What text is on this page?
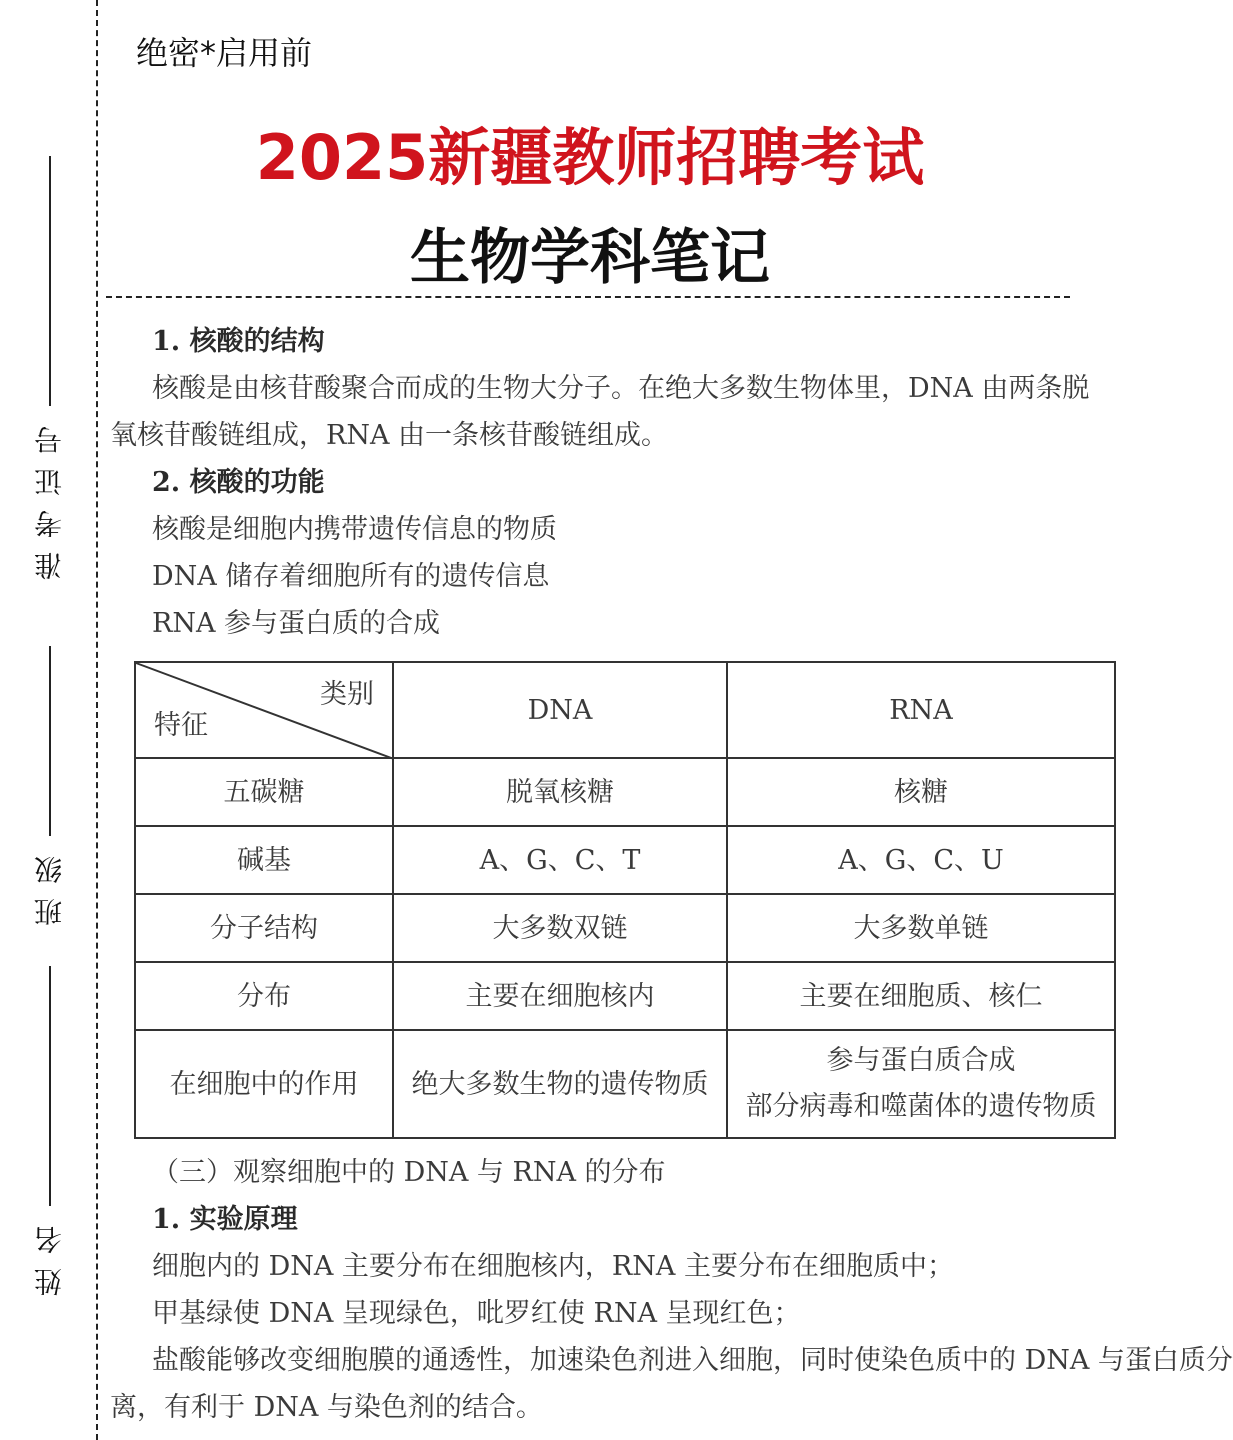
准考证号
班级
姓名
绝密*启用前
2025新疆教师招聘考试
生物学科笔记

1. 核酸的结构

核酸是由核苷酸聚合而成的生物大分子。在绝大多数生物体里，DNA 由两条脱

氧核苷酸链组成，RNA 由一条核苷酸链组成。

2. 核酸的功能

核酸是细胞内携带遗传信息的物质

DNA 储存着细胞所有的遗传信息

RNA 参与蛋白质的合成

类别
特征	DNA	RNA
五碳糖	脱氧核糖	核糖
碱基	A、G、C、T	A、G、C、U
分子结构	大多数双链	大多数单链
分布	主要在细胞核内	主要在细胞质、核仁
在细胞中的作用	绝大多数生物的遗传物质	参与蛋白质合成
部分病毒和噬菌体的遗传物质

（三）观察细胞中的 DNA 与 RNA 的分布

1. 实验原理

细胞内的 DNA 主要分布在细胞核内，RNA 主要分布在细胞质中；

甲基绿使 DNA 呈现绿色，吡罗红使 RNA 呈现红色；

盐酸能够改变细胞膜的通透性，加速染色剂进入细胞，同时使染色质中的 DNA 与蛋白质分

离，有利于 DNA 与染色剂的结合。
